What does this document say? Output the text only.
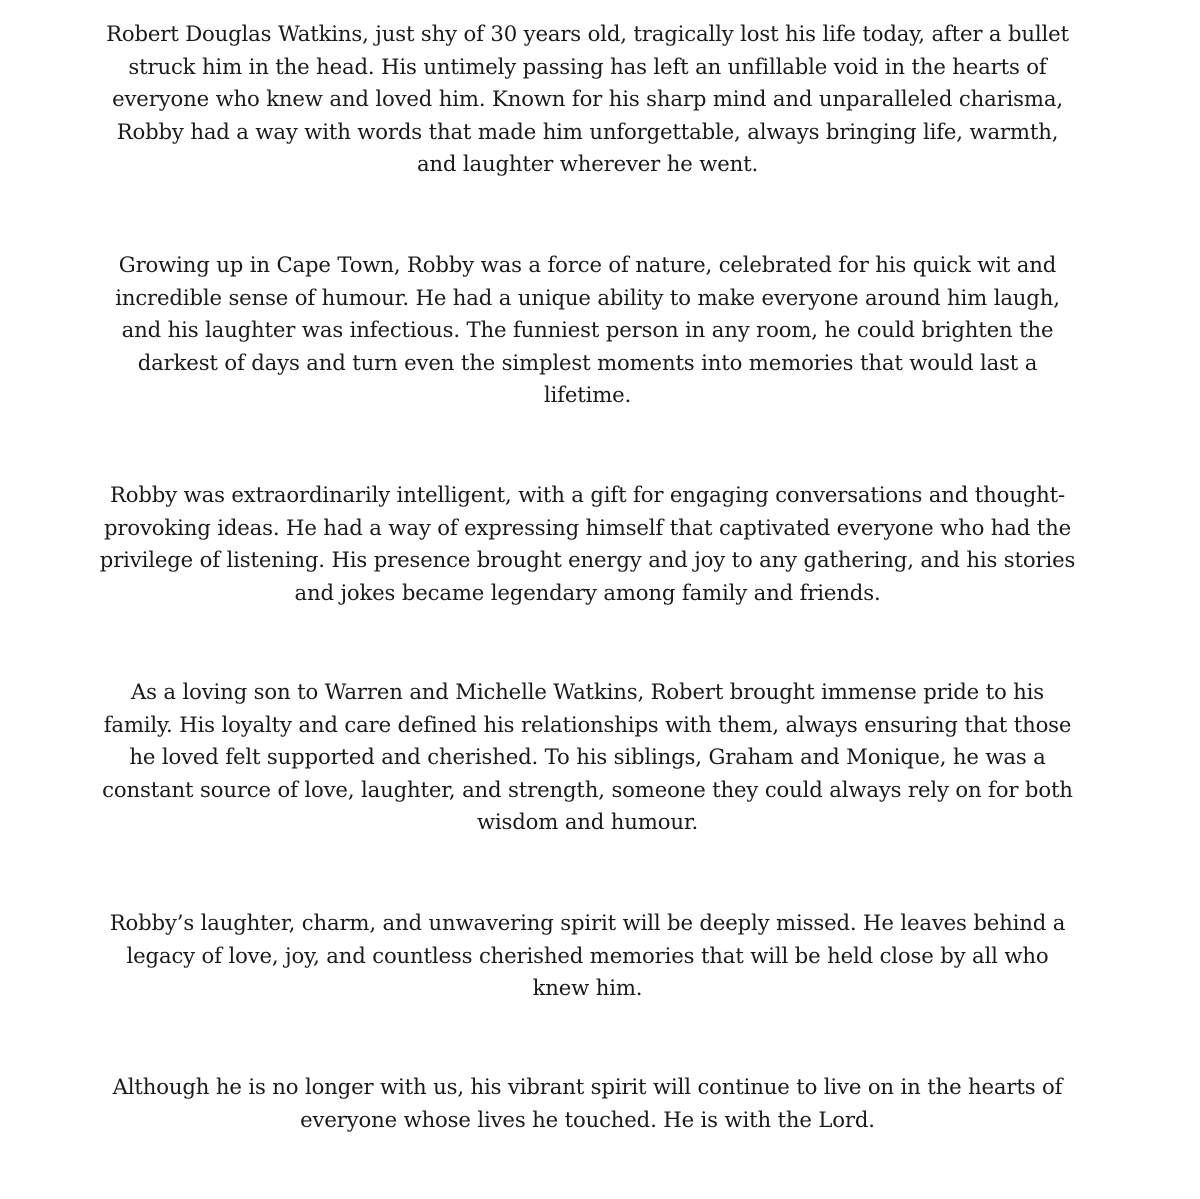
Robert Douglas Watkins, just shy of 30 years old, tragically lost his life today, after a bullet
struck him in the head. His untimely passing has left an unfillable void in the hearts of
everyone who knew and loved him. Known for his sharp mind and unparalleled charisma,
Robby had a way with words that made him unforgettable, always bringing life, warmth,
and laughter wherever he went.

Growing up in Cape Town, Robby was a force of nature, celebrated for his quick wit and
incredible sense of humour. He had a unique ability to make everyone around him laugh,
and his laughter was infectious. The funniest person in any room, he could brighten the
darkest of days and turn even the simplest moments into memories that would last a
lifetime.

Robby was extraordinarily intelligent, with a gift for engaging conversations and thought-
provoking ideas. He had a way of expressing himself that captivated everyone who had the
privilege of listening. His presence brought energy and joy to any gathering, and his stories
and jokes became legendary among family and friends.

As a loving son to Warren and Michelle Watkins, Robert brought immense pride to his
family. His loyalty and care defined his relationships with them, always ensuring that those
he loved felt supported and cherished. To his siblings, Graham and Monique, he was a
constant source of love, laughter, and strength, someone they could always rely on for both
wisdom and humour.

Robby’s laughter, charm, and unwavering spirit will be deeply missed. He leaves behind a
legacy of love, joy, and countless cherished memories that will be held close by all who
knew him.

Although he is no longer with us, his vibrant spirit will continue to live on in the hearts of
everyone whose lives he touched. He is with the Lord.
